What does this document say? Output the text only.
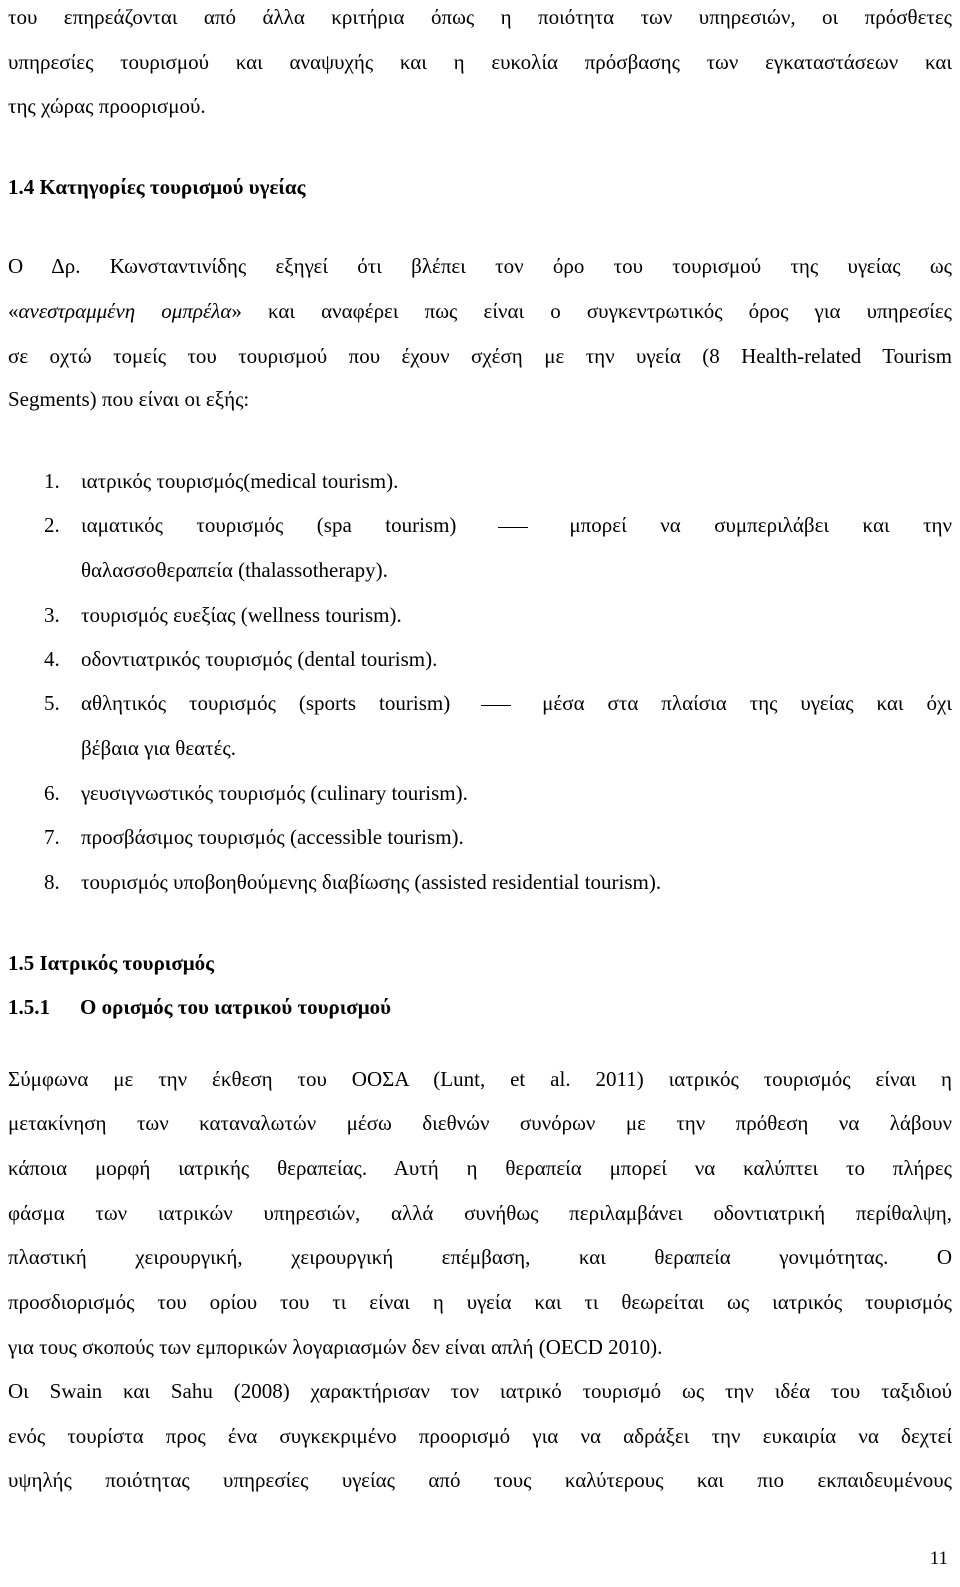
του επηρεάζονται από άλλα κριτήρια όπως η ποιότητα των υπηρεσιών, οι πρόσθετες
υπηρεσίες τουρισμού και αναψυχής και η ευκολία πρόσβασης των εγκαταστάσεων και
της χώρας προορισμού.
1.4 Κατηγορίες τουρισμού υγείας
Ο Δρ. Κωνσταντινίδης εξηγεί ότι βλέπει τον όρο του τουρισμού της υγείας ως
«ανεστραμμένη ομπρέλα» και αναφέρει πως είναι ο συγκεντρωτικός όρος για υπηρεσίες
σε οχτώ τομείς του τουρισμού που έχουν σχέση με την υγεία (8 Health-related Tourism
Segments) που είναι οι εξής:
1. ιατρικός τουρισμός(medical tourism).
2. ιαματικός τουρισμός (spa tourism)	μπορεί να συμπεριλάβει και την
θαλασσοθεραπεία (thalassotherapy).
3. τουρισμός ευεξίας (wellness tourism).
4. οδοντιατρικός τουρισμός (dental tourism).
5. αθλητικός τουρισμός (sports tourism)	μέσα στα πλαίσια της υγείας και όχι
βέβαια για θεατές.
6. γευσιγνωστικός τουρισμός (culinary tourism).
7. προσβάσιμος τουρισμός (accessible tourism).
8. τουρισμός υποβοηθούμενης διαβίωσης (assisted residential tourism).
1.5 Ιατρικός τουρισμός
1.5.1 Ο ορισμός του ιατρικού τουρισμού
Σύμφωνα με την έκθεση του ΟΟΣΑ (Lunt, et al. 2011) ιατρικός τουρισμός είναι η
μετακίνηση των καταναλωτών μέσω διεθνών συνόρων με την πρόθεση να λάβουν
κάποια μορφή ιατρικής θεραπείας. Αυτή η θεραπεία μπορεί να καλύπτει το πλήρες
φάσμα των ιατρικών υπηρεσιών, αλλά συνήθως περιλαμβάνει οδοντιατρική περίθαλψη,
πλαστική χειρουργική, χειρουργική επέμβαση, και θεραπεία γονιμότητας. Ο
προσδιορισμός του ορίου του τι είναι η υγεία και τι θεωρείται ως ιατρικός τουρισμός
για τους σκοπούς των εμπορικών λογαριασμών δεν είναι απλή (OECD 2010).
Οι Swain και Sahu (2008) χαρακτήρισαν τον ιατρικό τουρισμό ως την ιδέα του ταξιδιού
ενός τουρίστα προς ένα συγκεκριμένο προορισμό για να αδράξει την ευκαιρία να δεχτεί
υψηλής ποιότητας υπηρεσίες υγείας από τους καλύτερους και πιο εκπαιδευμένους
11
